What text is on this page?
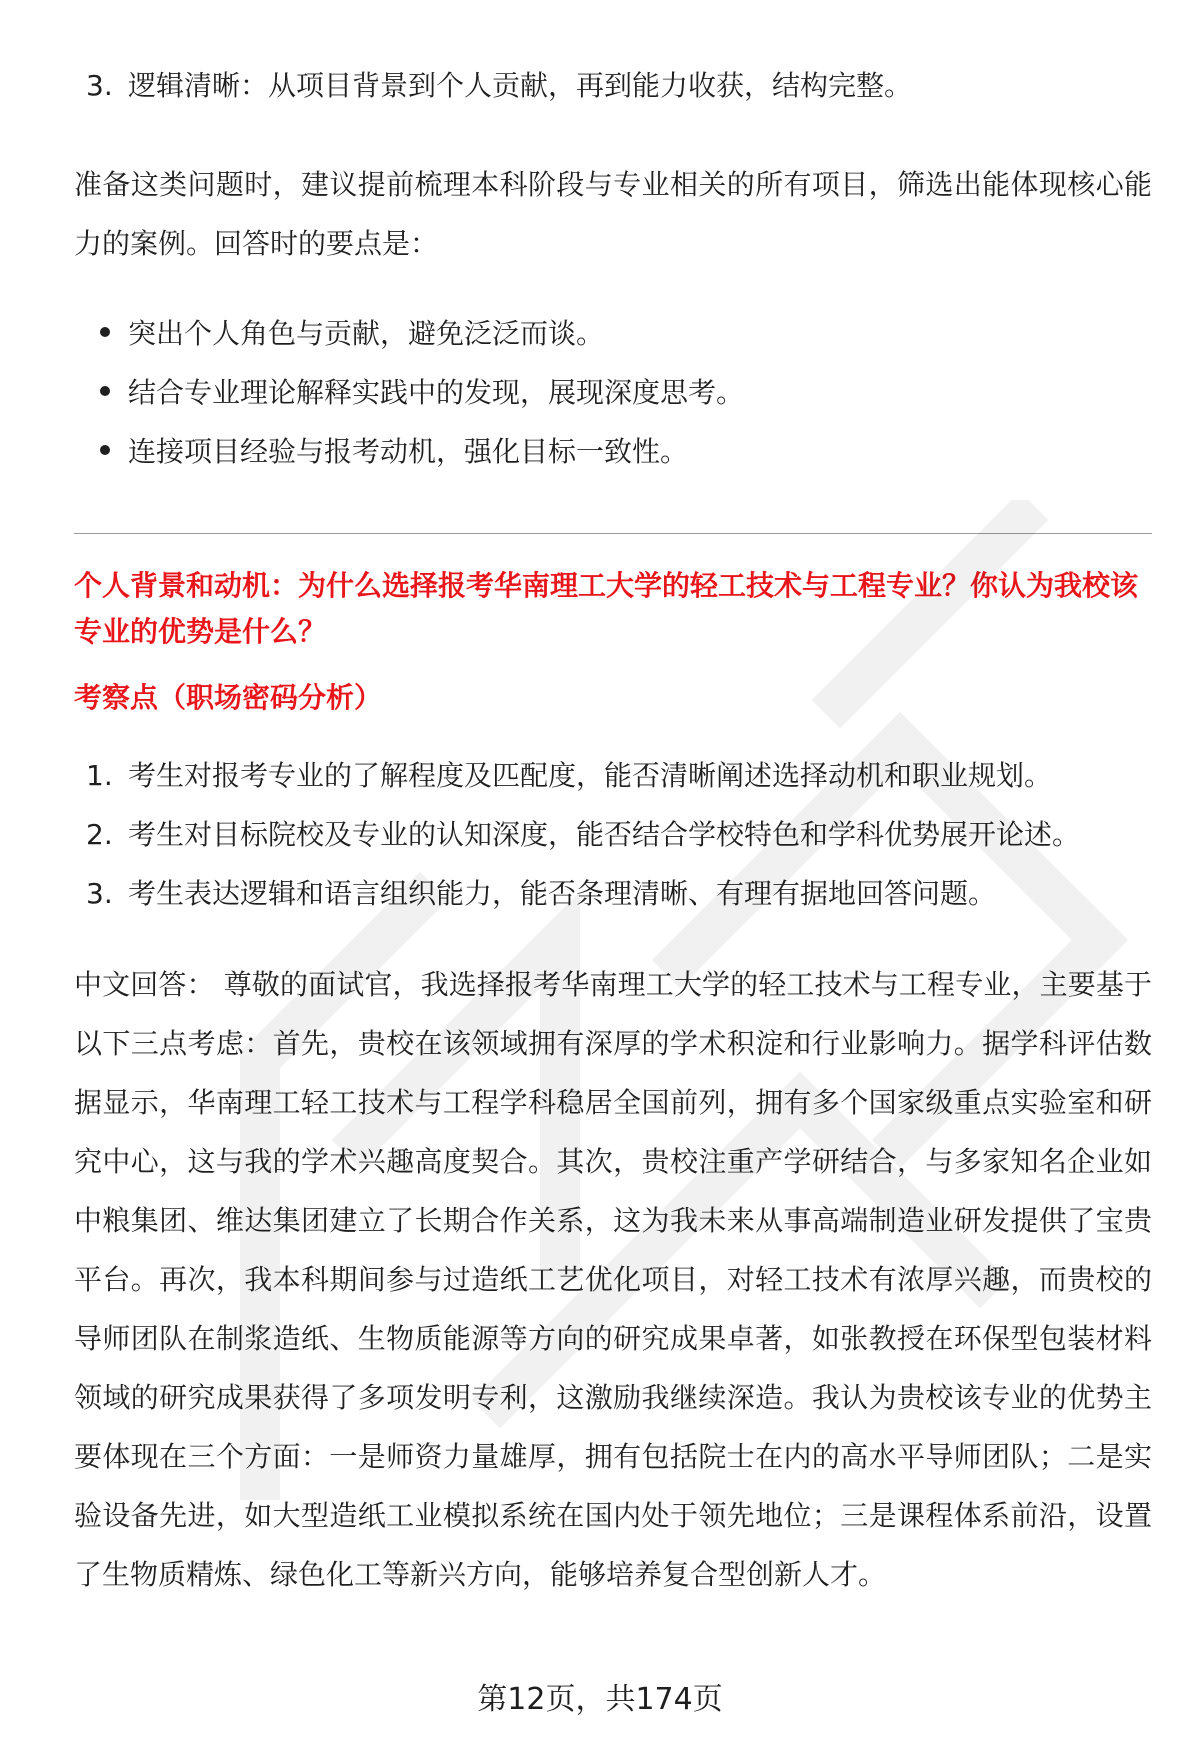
3. 逻辑清晰：从项目背景到个人贡献，再到能力收获，结构完整。

准备这类问题时，建议提前梳理本科阶段与专业相关的所有项目，筛选出能体现核心能力的案例。回答时的要点是：

突出个人角色与贡献，避免泛泛而谈。
结合专业理论解释实践中的发现，展现深度思考。
连接项目经验与报考动机，强化目标一致性。

个人背景和动机：为什么选择报考华南理工大学的轻工技术与工程专业？你认为我校该专业的优势是什么？

考察点（职场密码分析）

1. 考生对报考专业的了解程度及匹配度，能否清晰阐述选择动机和职业规划。
2. 考生对目标院校及专业的认知深度，能否结合学校特色和学科优势展开论述。
3. 考生表达逻辑和语言组织能力，能否条理清晰、有理有据地回答问题。

中文回答： 尊敬的面试官，我选择报考华南理工大学的轻工技术与工程专业，主要基于以下三点考虑：首先，贵校在该领域拥有深厚的学术积淀和行业影响力。据学科评估数据显示，华南理工轻工技术与工程学科稳居全国前列，拥有多个国家级重点实验室和研究中心，这与我的学术兴趣高度契合。其次，贵校注重产学研结合，与多家知名企业如中粮集团、维达集团建立了长期合作关系，这为我未来从事高端制造业研发提供了宝贵平台。再次，我本科期间参与过造纸工艺优化项目，对轻工技术有浓厚兴趣，而贵校的导师团队在制浆造纸、生物质能源等方向的研究成果卓著，如张教授在环保型包装材料领域的研究成果获得了多项发明专利，这激励我继续深造。我认为贵校该专业的优势主要体现在三个方面：一是师资力量雄厚，拥有包括院士在内的高水平导师团队；二是实验设备先进，如大型造纸工业模拟系统在国内处于领先地位；三是课程体系前沿，设置了生物质精炼、绿色化工等新兴方向，能够培养复合型创新人才。

第12页，共174页
